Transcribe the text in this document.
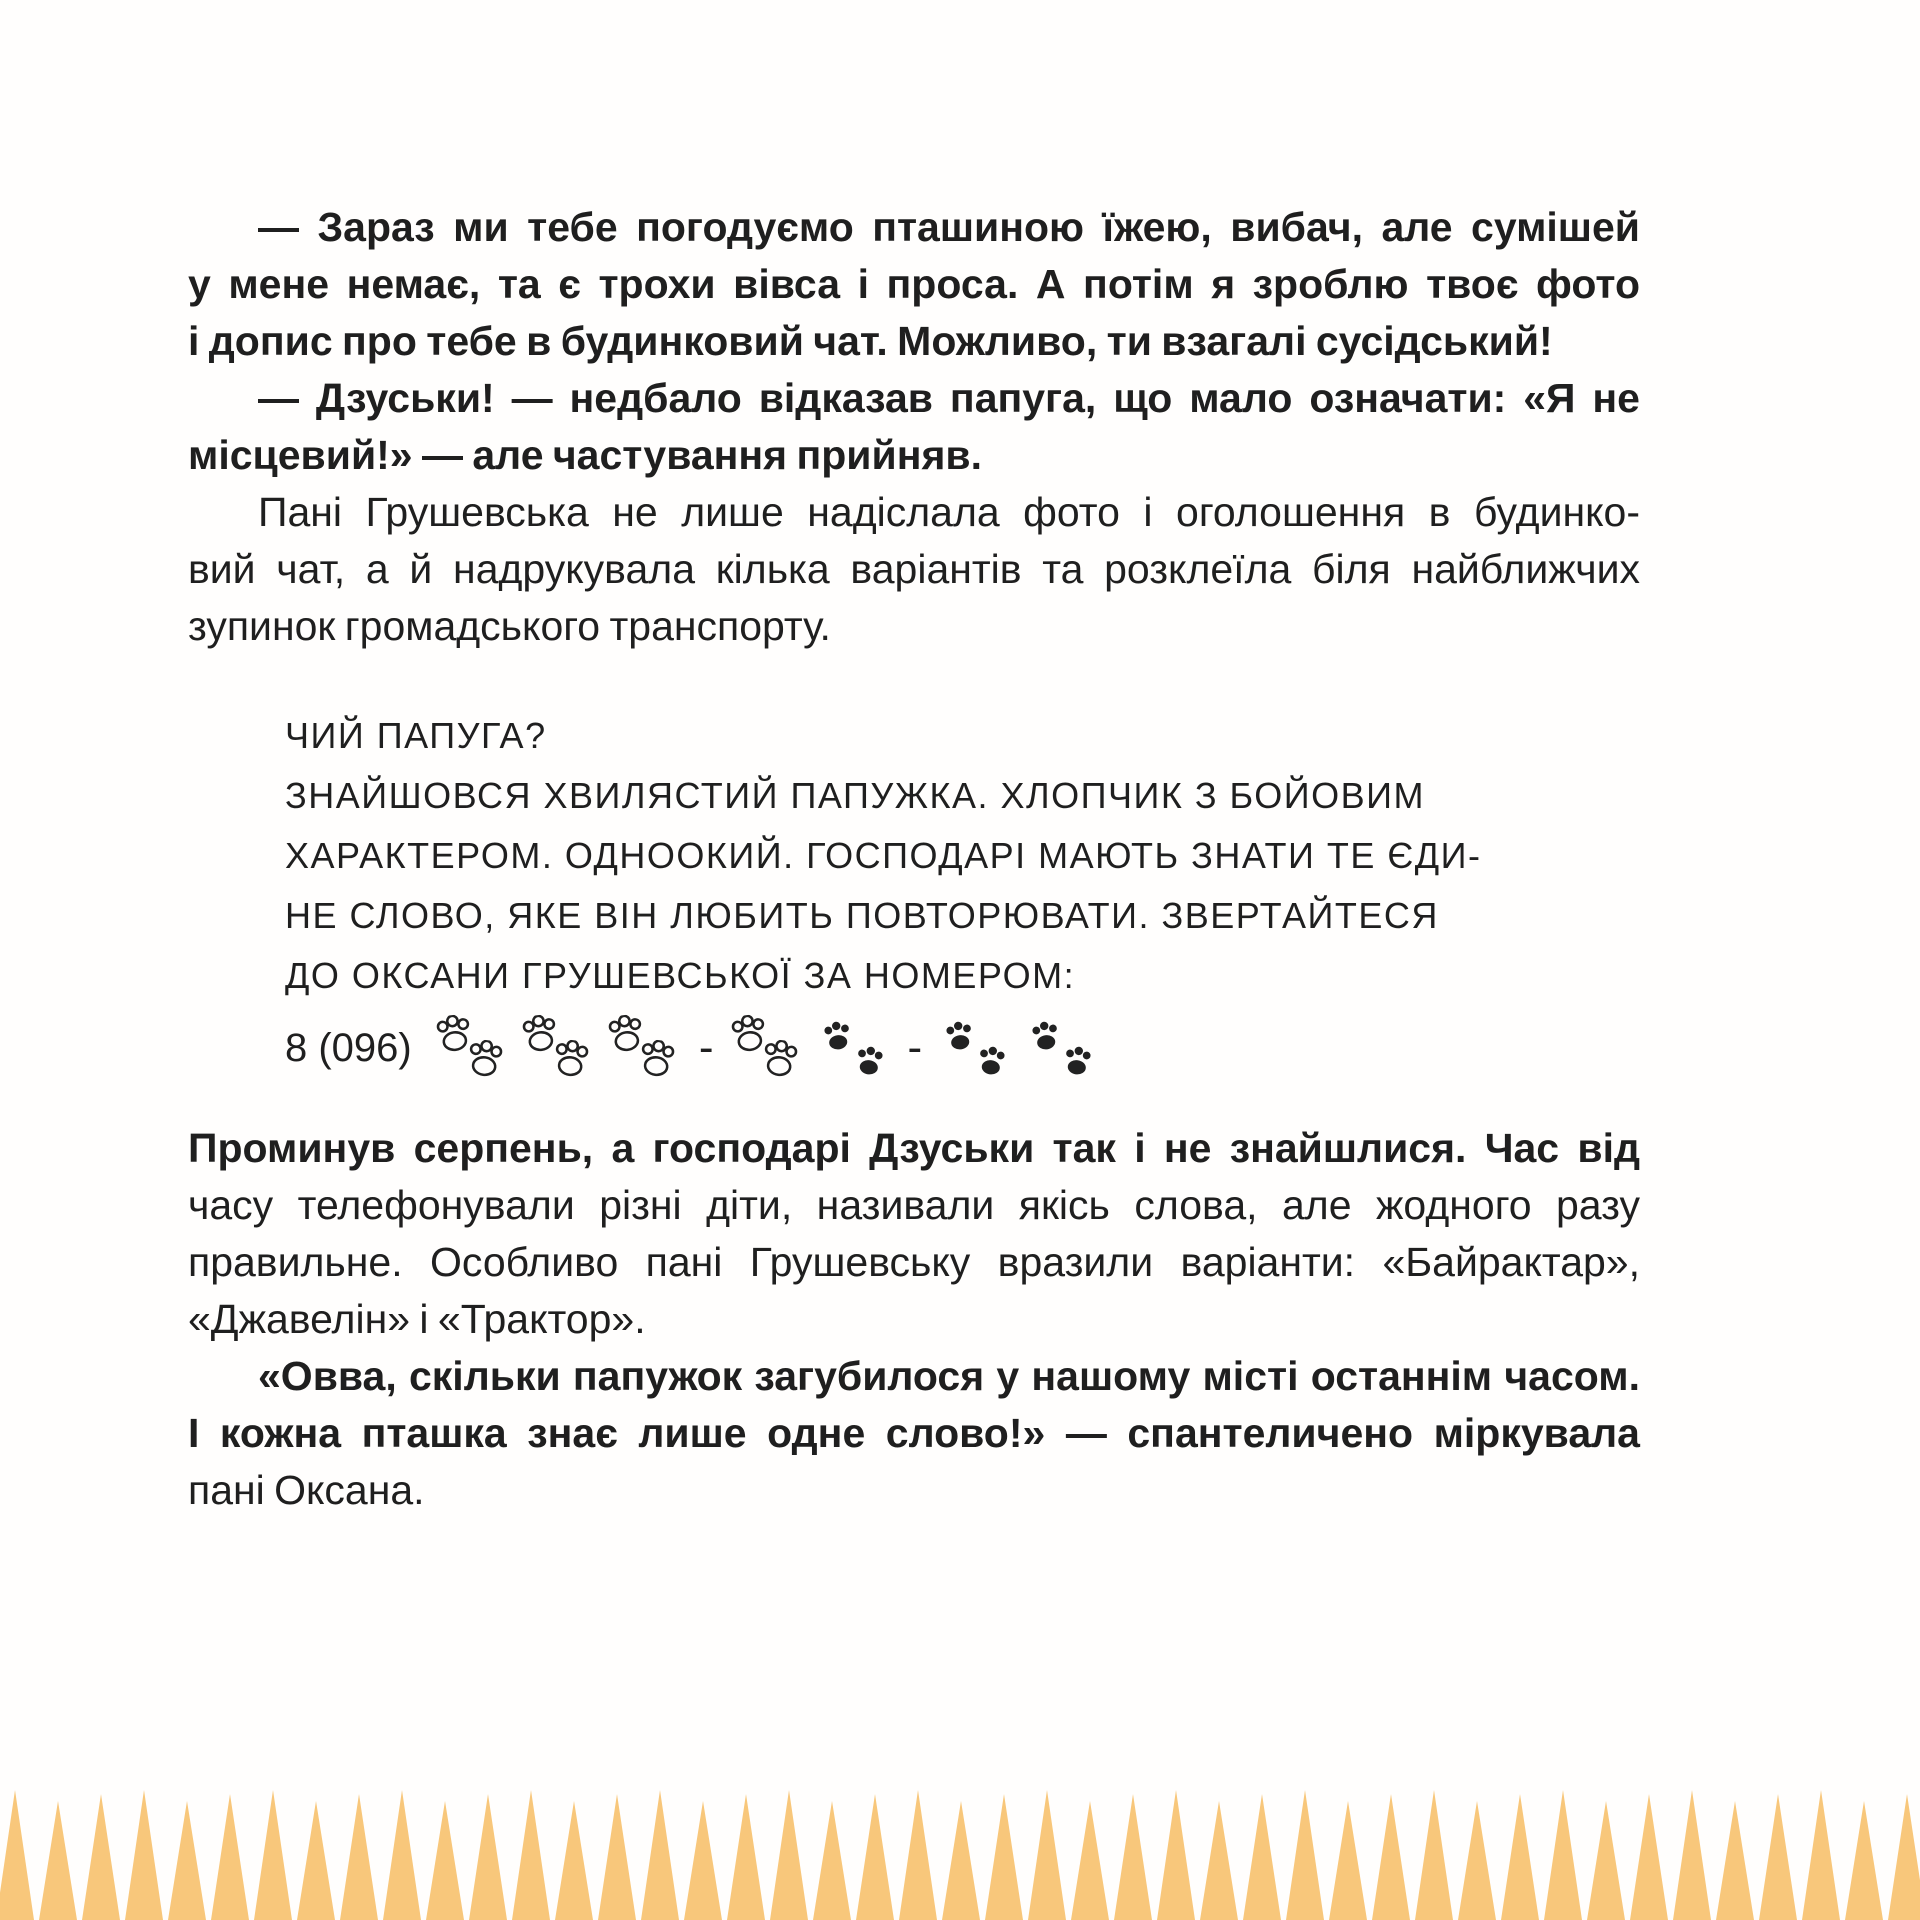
— Зараз ми тебе погодуємо пташиною їжею, вибач, але сумішей
у мене немає, та є трохи вівса і проса. А потім я зроблю твоє фото
і допис про тебе в будинковий чат. Можливо, ти взагалі сусідський!
— Дзуськи! — недбало відказав папуга, що мало означати: «Я не
місцевий!» — але частування прийняв.
Пані Грушевська не лише надіслала фото і оголошення в будинко-
вий чат, а й надрукувала кілька варіантів та розклеїла біля найближчих
зупинок громадського транспорту.
ЧИЙ ПАПУГА?
ЗНАЙШОВСЯ ХВИЛЯСТИЙ ПАПУЖКА. ХЛОПЧИК З БОЙОВИМ
ХАРАКТЕРОМ. ОДНООКИЙ. ГОСПОДАРІ МАЮТЬ ЗНАТИ ТЕ ЄДИ-
НЕ СЛОВО, ЯКЕ ВІН ЛЮБИТЬ ПОВТОРЮВАТИ. ЗВЕРТАЙТЕСЯ
ДО ОКСАНИ ГРУШЕВСЬКОЇ ЗА НОМЕРОМ:
8 (096)	-	-
Проминув серпень, а господарі Дзуськи так і не знайшлися. Час від
часу телефонували різні діти, називали якісь слова, але жодного разу
правильне. Особливо пані Грушевську вразили варіанти: «Байрактар»,
«Джавелін» і «Трактор».
«Овва, скільки папужок загубилося у нашому місті останнім часом.
І кожна пташка знає лише одне слово!» — спантеличено міркувала
пані Оксана.
